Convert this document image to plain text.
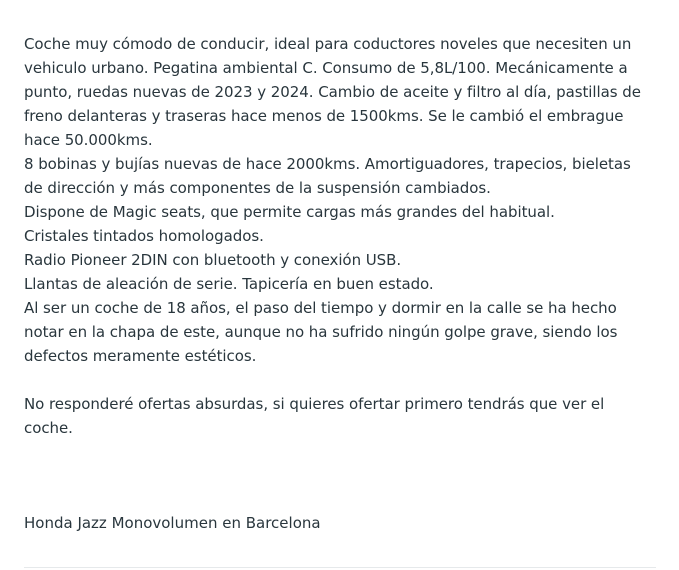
Coche muy cómodo de conducir, ideal para coductores noveles que necesiten un
vehiculo urbano. Pegatina ambiental C. Consumo de 5,8L/100. Mecánicamente a
punto, ruedas nuevas de 2023 y 2024. Cambio de aceite y filtro al día, pastillas de
freno delanteras y traseras hace menos de 1500kms. Se le cambió el embrague
hace 50.000kms.
8 bobinas y bujías nuevas de hace 2000kms. Amortiguadores, trapecios, bieletas
de dirección y más componentes de la suspensión cambiados.
Dispone de Magic seats, que permite cargas más grandes del habitual.
Cristales tintados homologados.
Radio Pioneer 2DIN con bluetooth y conexión USB.
Llantas de aleación de serie. Tapicería en buen estado.
Al ser un coche de 18 años, el paso del tiempo y dormir en la calle se ha hecho
notar en la chapa de este, aunque no ha sufrido ningún golpe grave, siendo los
defectos meramente estéticos.
No responderé ofertas absurdas, si quieres ofertar primero tendrás que ver el
coche.
Honda Jazz Monovolumen en Barcelona
